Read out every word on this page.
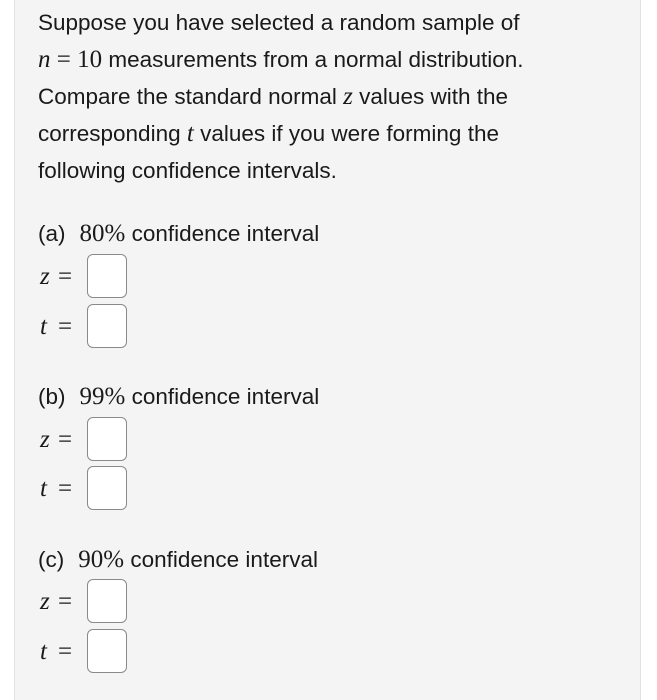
Suppose you have selected a random sample of
n = 10 measurements from a normal distribution.
Compare the standard normal z values with the
corresponding t values if you were forming the
following confidence intervals.

(a) 80% confidence interval

z =
t =

(b) 99% confidence interval

z =
t =

(c) 90% confidence interval

z =
t =
